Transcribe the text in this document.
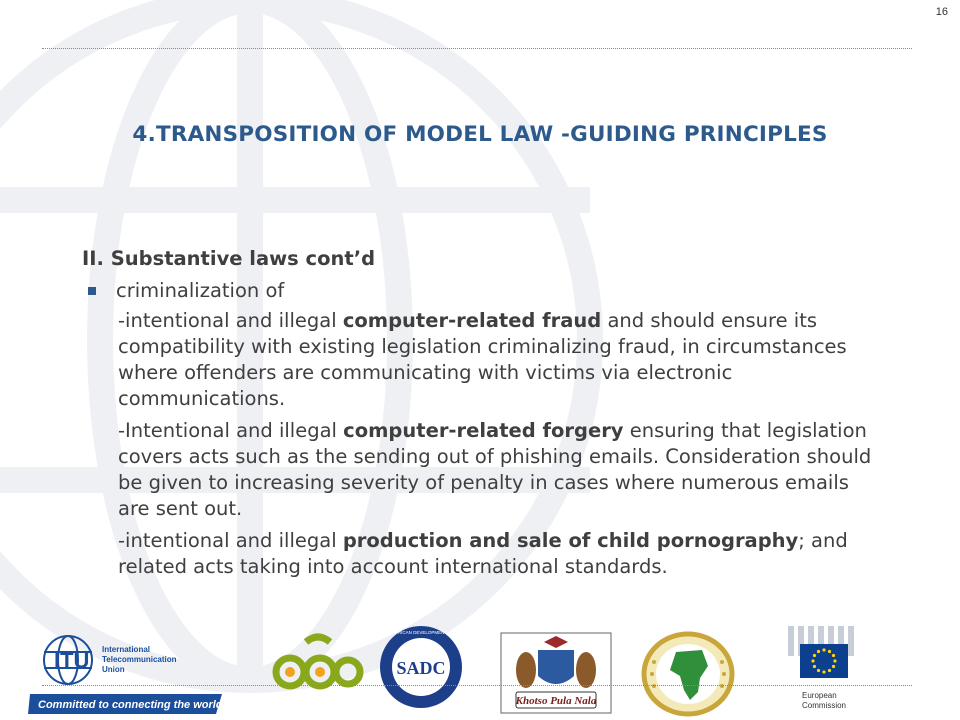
16
4.TRANSPOSITION OF MODEL LAW -GUIDING PRINCIPLES
II. Substantive laws cont’d
criminalization of
-intentional and illegal computer-related fraud and should ensure its compatibility with existing legislation criminalizing fraud, in circumstances where offenders are communicating with victims via electronic communications.
-Intentional and illegal computer-related forgery ensuring that legislation covers acts such as the sending out of phishing emails. Consideration should be given to increasing severity of penalty in cases where numerous emails are sent out.
-intentional and illegal production and sale of child pornography; and related acts taking into account international standards.
ITU International
Telecommunication
Union
Committed to connecting the world
SADC
SOUTHERN AFRICAN DEVELOPMENT COMMUNITY
Khotso Pula Nala	European
Commission
